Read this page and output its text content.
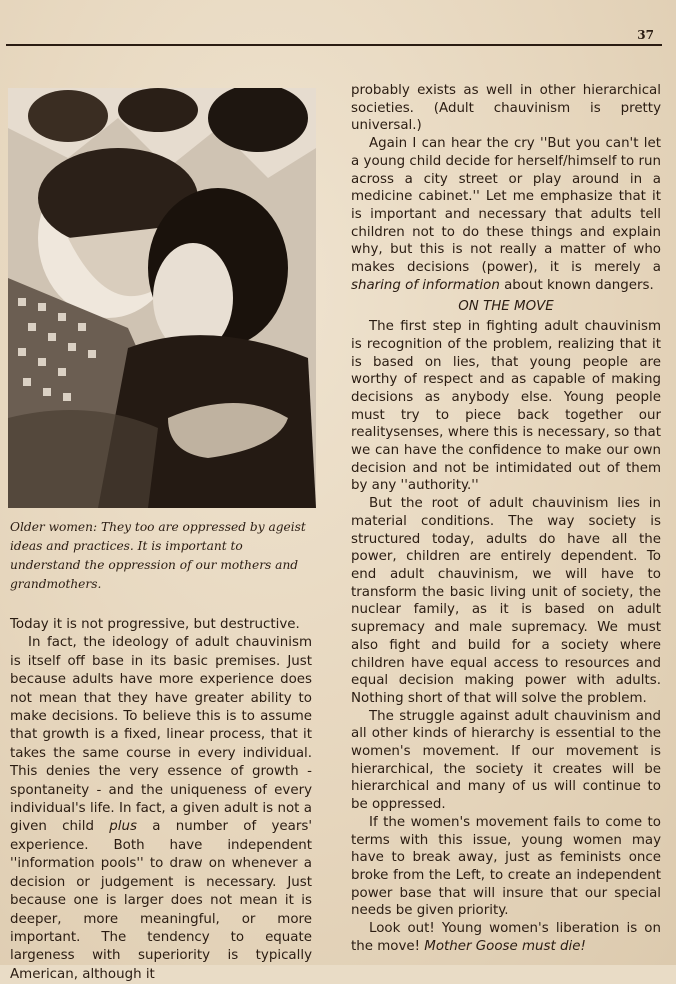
37
Older women: They too are oppressed by ageist ideas and practices. It is important to understand the oppression of our mothers and grandmothers.

Today it is not progressive, but destructive.

In fact, the ideology of adult chauvinism is itself off base in its basic premises. Just because adults have more experience does not mean that they have greater ability to make decisions. To believe this is to assume that growth is a fixed, linear process, that it takes the same course in every individual. This denies the very essence of growth - spontaneity - and the uniqueness of every individual's life. In fact, a given adult is not a given child plus a number of years' experience. Both have independent ''information pools'' to draw on whenever a decision or judgement is necessary. Just because one is larger does not mean it is deeper, more meaningful, or more important. The tendency to equate largeness with superiority is typically American, although it

probably exists as well in other hierarchical societies. (Adult chauvinism is pretty universal.)

Again I can hear the cry ''But you can't let a young child decide for herself/himself to run across a city street or play around in a medicine cabinet.'' Let me emphasize that it is important and necessary that adults tell children not to do these things and explain why, but this is not really a matter of who makes decisions (power), it is merely a sharing of information about known dangers.

ON THE MOVE

The first step in fighting adult chauvinism is recognition of the problem, realizing that it is based on lies, that young people are worthy of respect and as capable of making decisions as anybody else. Young people must try to piece back together our realitysenses, where this is necessary, so that we can have the confidence to make our own decision and not be intimidated out of them by any ''authority.''

But the root of adult chauvinism lies in material conditions. The way society is structured today, adults do have all the power, children are entirely dependent. To end adult chauvinism, we will have to transform the basic living unit of society, the nuclear family, as it is based on adult supremacy and male supremacy. We must also fight and build for a society where children have equal access to resources and equal decision making power with adults. Nothing short of that will solve the problem.

The struggle against adult chauvinism and all other kinds of hierarchy is essential to the women's movement. If our movement is hierarchical, the society it creates will be hierarchical and many of us will continue to be oppressed.

If the women's movement fails to come to terms with this issue, young women may have to break away, just as feminists once broke from the Left, to create an independent power base that will insure that our special needs be given priority.

Look out! Young women's liberation is on the move! Mother Goose must die!
